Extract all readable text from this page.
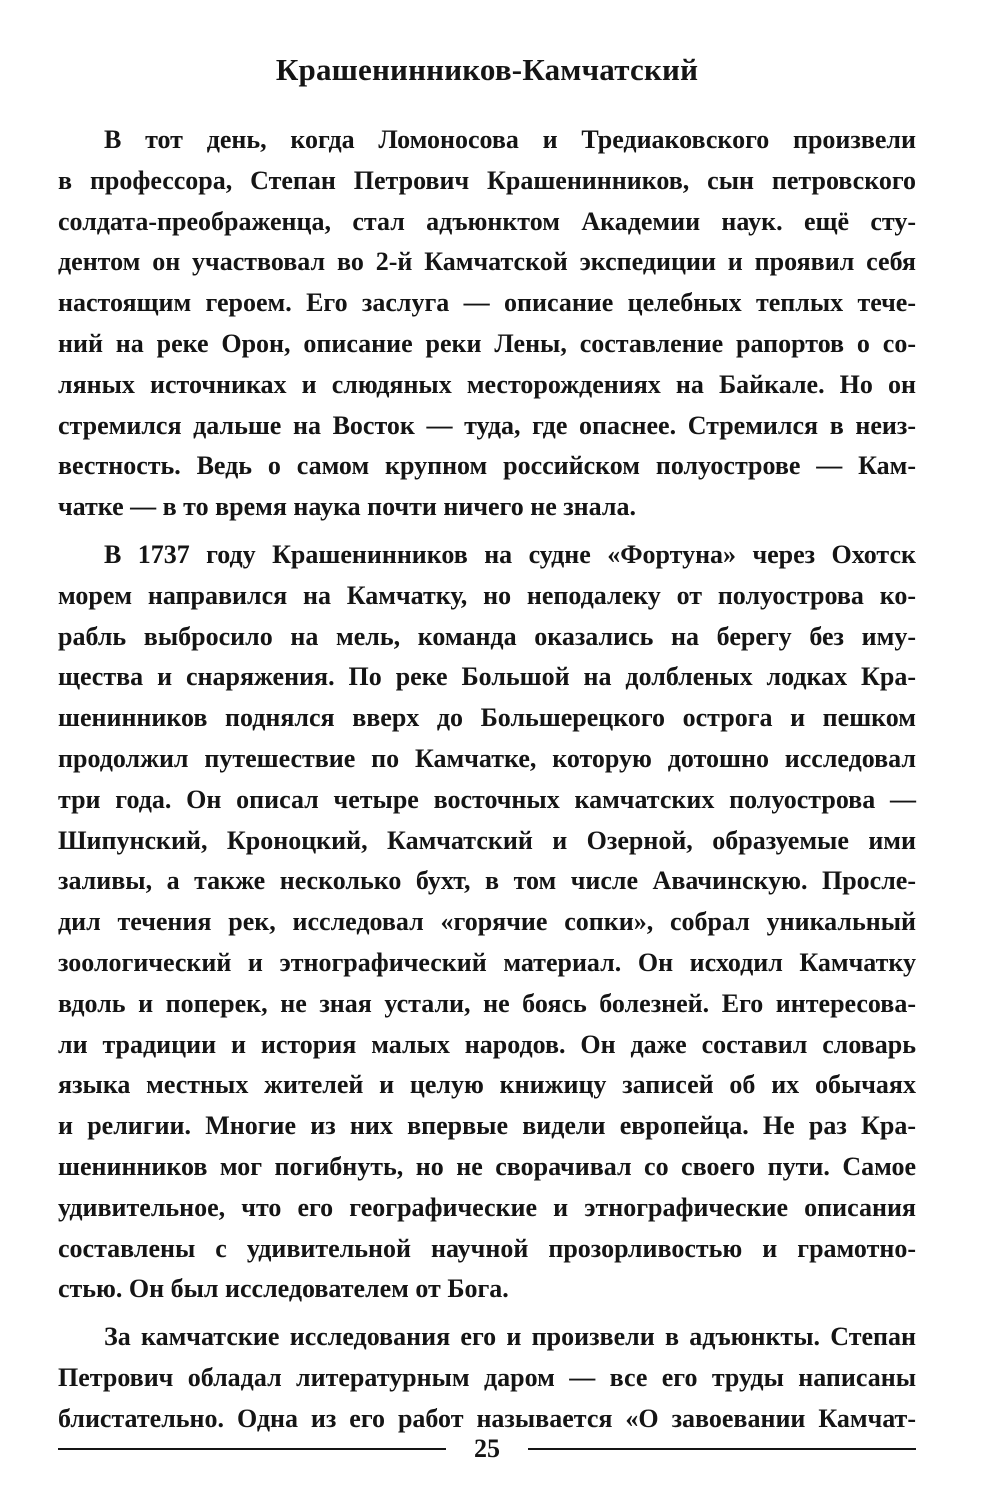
Крашенинников-Камчатский

В тот день, когда Ломоносова и Тредиаковского произвели
в профессора, Степан Петрович Крашенинников, сын петровского
солдата-преображенца, стал адъюнктом Академии наук. ещё сту-
дентом он участвовал во 2-й Камчатской экспедиции и проявил себя
настоящим героем. Его заслуга — описание целебных теплых тече-
ний на реке Орон, описание реки Лены, составление рапортов о со-
ляных источниках и слюдяных месторождениях на Байкале. Но он
стремился дальше на Восток — туда, где опаснее. Стремился в неиз-
вестность. Ведь о самом крупном российском полуострове — Кам-
чатке — в то время наука почти ничего не знала.

В 1737 году Крашенинников на судне «Фортуна» через Охотск
морем направился на Камчатку, но неподалеку от полуострова ко-
рабль выбросило на мель, команда оказались на берегу без иму-
щества и снаряжения. По реке Большой на долбленых лодках Кра-
шенинников поднялся вверх до Большерецкого острога и пешком
продолжил путешествие по Камчатке, которую дотошно исследовал
три года. Он описал четыре восточных камчатских полуострова —
Шипунский, Кроноцкий, Камчатский и Озерной, образуемые ими
заливы, а также несколько бухт, в том числе Авачинскую. Просле-
дил течения рек, исследовал «горячие сопки», собрал уникальный
зоологический и этнографический материал. Он исходил Камчатку
вдоль и поперек, не зная устали, не боясь болезней. Его интересова-
ли традиции и история малых народов. Он даже составил словарь
языка местных жителей и целую книжицу записей об их обычаях
и религии. Многие из них впервые видели европейца. Не раз Кра-
шенинников мог погибнуть, но не сворачивал со своего пути. Самое
удивительное, что его географические и этнографические описания
составлены с удивительной научной прозорливостью и грамотно-
стью. Он был исследователем от Бога.

За камчатские исследования его и произвели в адъюнкты. Степан
Петрович обладал литературным даром — все его труды написаны
блистательно. Одна из его работ называется «О завоевании Камчат-

25
